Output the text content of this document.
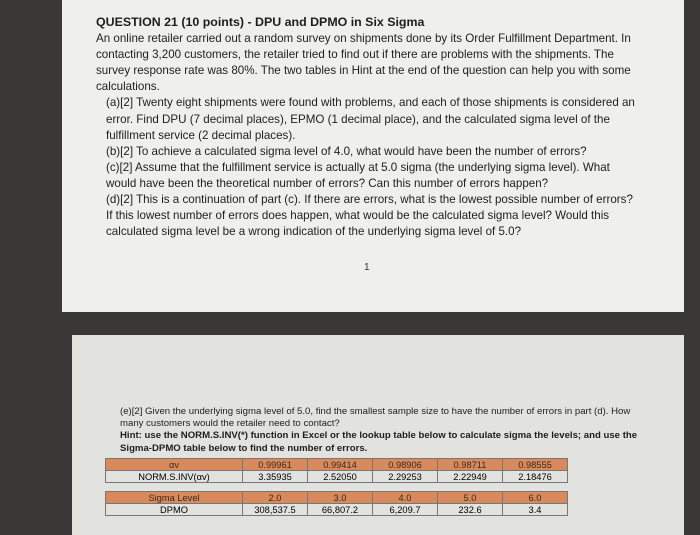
QUESTION 21 (10 points) - DPU and DPMO in Six Sigma

An online retailer carried out a random survey on shipments done by its Order Fulfillment Department. In contacting 3,200 customers, the retailer tried to find out if there are problems with the shipments. The survey response rate was 80%. The two tables in Hint at the end of the question can help you with some calculations.

(a)[2] Twenty eight shipments were found with problems, and each of those shipments is considered an error. Find DPU (7 decimal places), EPMO (1 decimal place), and the calculated sigma level of the fulfillment service (2 decimal places).

(b)[2] To achieve a calculated sigma level of 4.0, what would have been the number of errors?

(c)[2] Assume that the fulfillment service is actually at 5.0 sigma (the underlying sigma level). What would have been the theoretical number of errors? Can this number of errors happen?

(d)[2] This is a continuation of part (c). If there are errors, what is the lowest possible number of errors? If this lowest number of errors does happen, what would be the calculated sigma level? Would this calculated sigma level be a wrong indication of the underlying sigma level of 5.0?

1

(e)[2] Given the underlying sigma level of 5.0, find the smallest sample size to have the number of errors in part (d). How many customers would the retailer need to contact?

Hint: use the NORM.S.INV(*) function in Excel or the lookup table below to calculate sigma the levels; and use the Sigma-DPMO table below to find the number of errors.

αv	0.99961	0.99414	0.98906	0.98711	0.98555
NORM.S.INV(αv)	3.35935	2.52050	2.29253	2.22949	2.18476
Sigma Level	2.0	3.0	4.0	5.0	6.0
DPMO	308,537.5	66,807.2	6,209.7	232.6	3.4
